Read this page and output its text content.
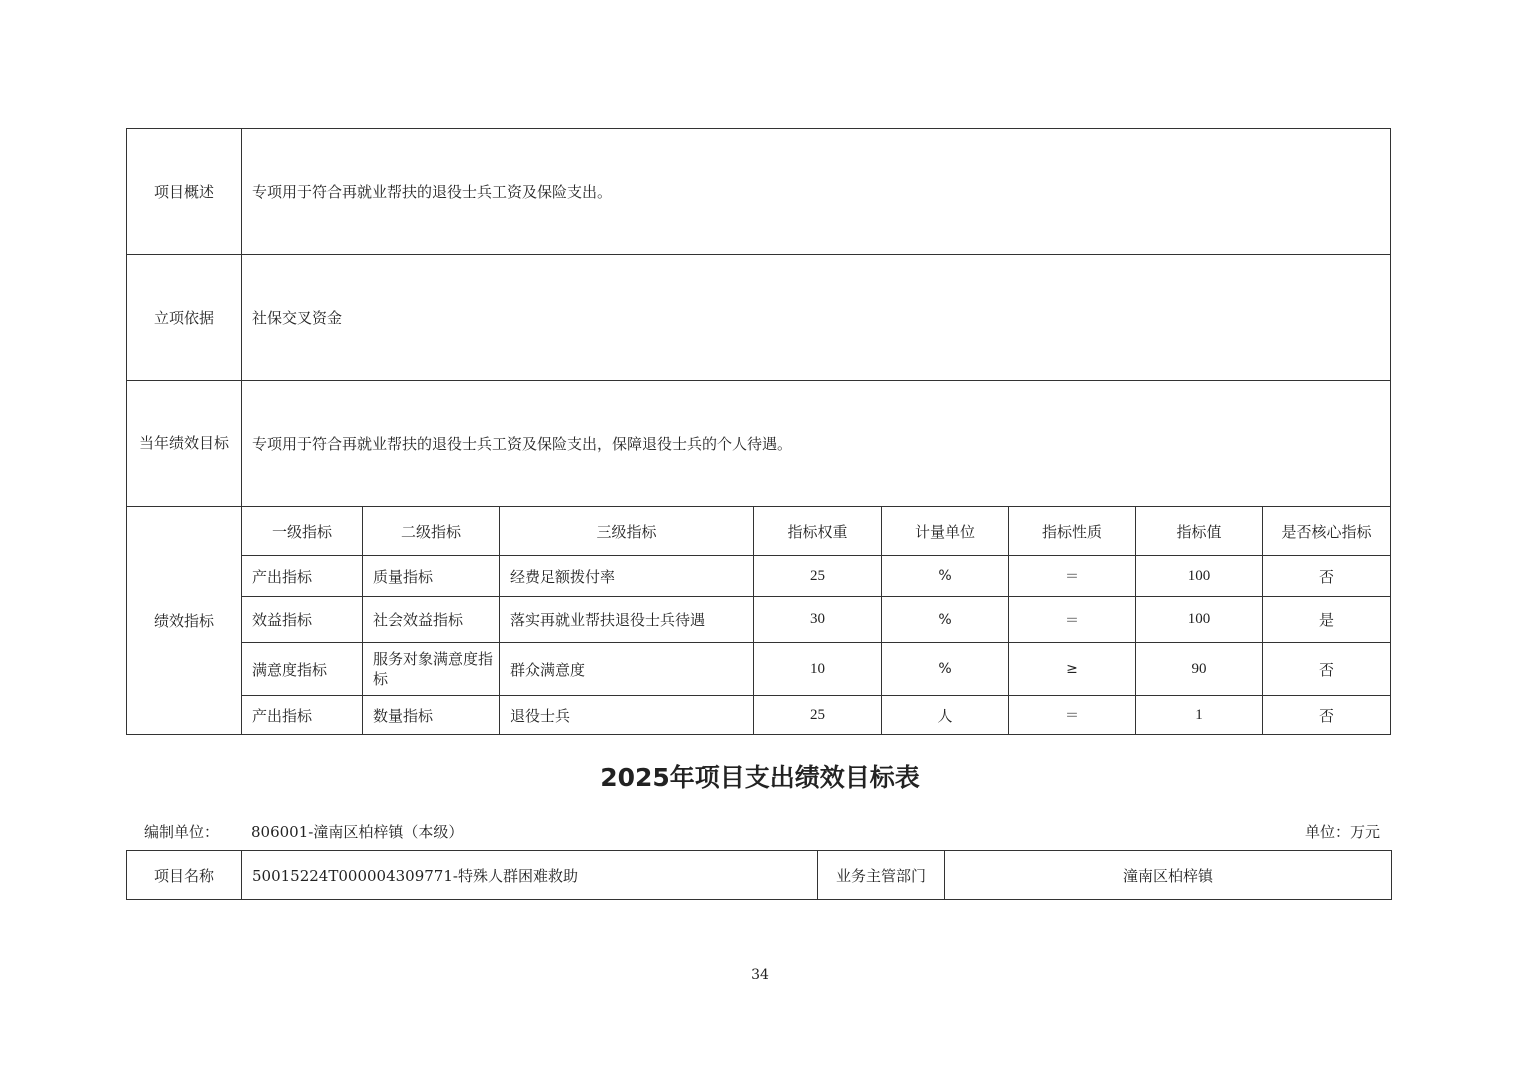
项目概述	专项用于符合再就业帮扶的退役士兵工资及保险支出。							
立项依据	社保交叉资金							
当年绩效目标	专项用于符合再就业帮扶的退役士兵工资及保险支出，保障退役士兵的个人待遇。							
绩效指标	一级指标	二级指标	三级指标	指标权重	计量单位	指标性质	指标值	是否核心指标
	产出指标	质量指标	经费足额拨付率	25	%	＝	100	否
	效益指标	社会效益指标	落实再就业帮扶退役士兵待遇	30	%	＝	100	是
	满意度指标	服务对象满意度指标	群众满意度	10	%	≥	90	否
	产出指标	数量指标	退役士兵	25	人	＝	1	否
2025年项目支出绩效目标表
编制单位： 806001-潼南区柏梓镇（本级）	单位：万元
项目名称	50015224T000004309771-特殊人群困难救助	业务主管部门	潼南区柏梓镇
34
